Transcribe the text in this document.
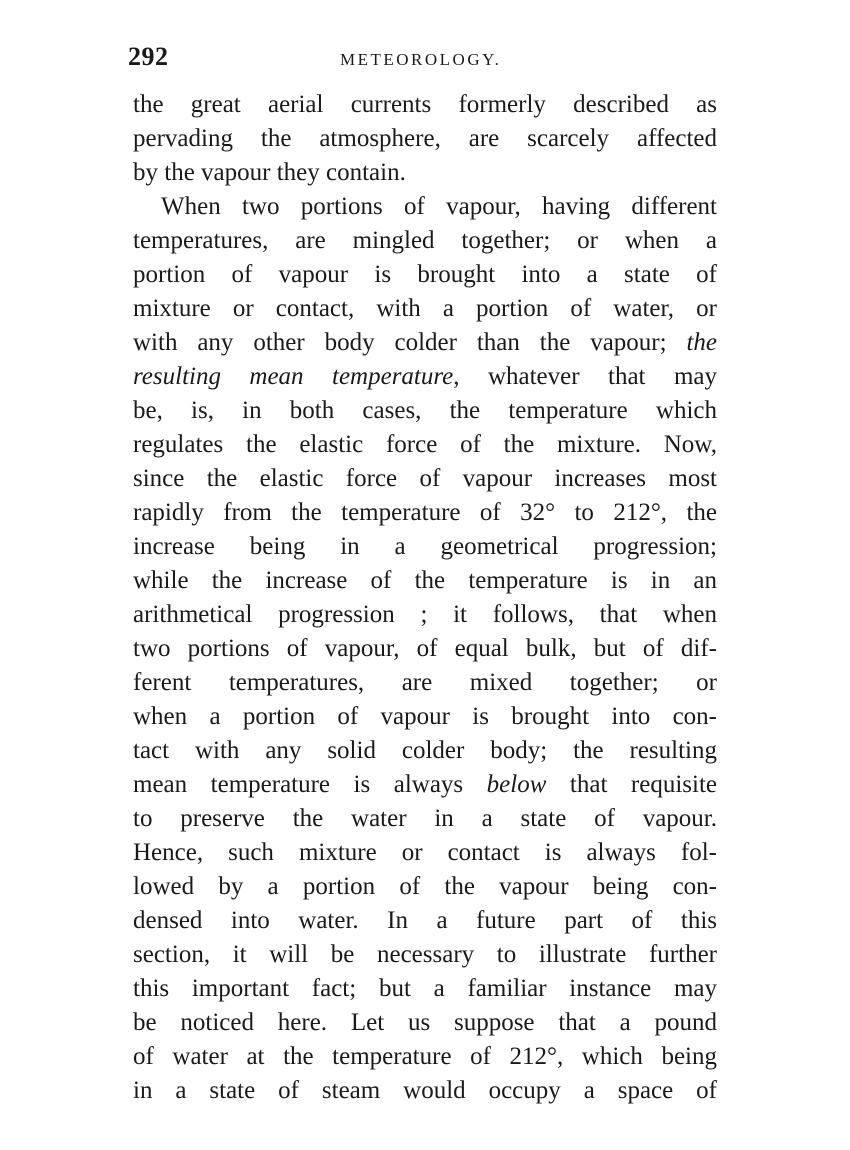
292	METEOROLOGY.
the great aerial currents formerly described as
pervading the atmosphere, are scarcely affected
by the vapour they contain.
When two portions of vapour, having different
temperatures, are mingled together; or when a
portion of vapour is brought into a state of
mixture or contact, with a portion of water, or
with any other body colder than the vapour; the
resulting mean temperature, whatever that may
be, is, in both cases, the temperature which
regulates the elastic force of the mixture. Now,
since the elastic force of vapour increases most
rapidly from the temperature of 32° to 212°, the
increase being in a geometrical progression;
while the increase of the temperature is in an
arithmetical progression ; it follows, that when
two portions of vapour, of equal bulk, but of dif-
ferent temperatures, are mixed together; or
when a portion of vapour is brought into con-
tact with any solid colder body; the resulting
mean temperature is always below that requisite
to preserve the water in a state of vapour.
Hence, such mixture or contact is always fol-
lowed by a portion of the vapour being con-
densed into water. In a future part of this
section, it will be necessary to illustrate further
this important fact; but a familiar instance may
be noticed here. Let us suppose that a pound
of water at the temperature of 212°, which being
in a state of steam would occupy a space of
